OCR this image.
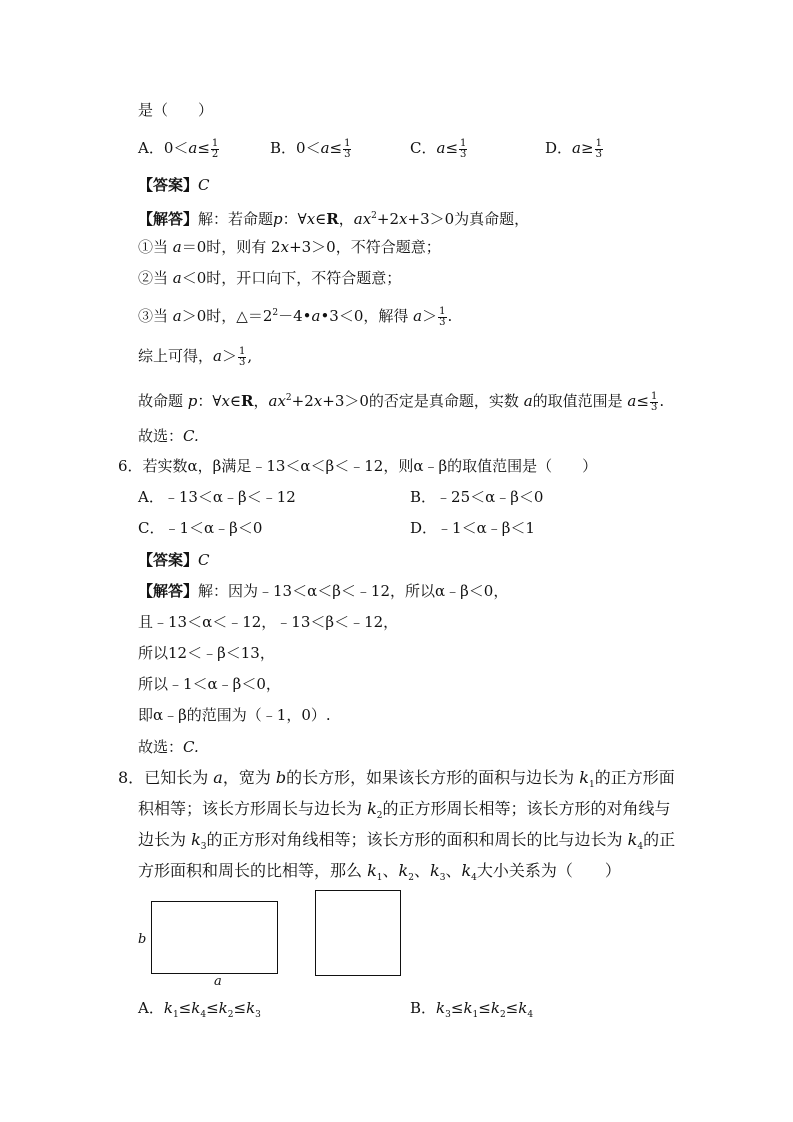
是（　　）
A．$0<a\le \frac{1}{2}$	B．$0<a\le \frac{1}{3}$	C．$a\le \frac{1}{3}$	D．$a\ge \frac{1}{3}$
【答案】C
【解答】解：若命题p：∀x∈R，$ax^2+2x+3>0$为真命题，
①当 a＝0时，则有 2x+3＞0，不符合题意；
②当 a＜0时，开口向下，不符合题意；
③当 a＞0时，$\triangle=2^2-4•a•3<0$，解得 $a> \frac{1}{3}$ .
综上可得，$a> \frac{1}{3}$ ,
故命题 p：∀x∈R，$ax^2+2x+3>0$的否定是真命题，实数 a的取值范围是 $a\le \frac{1}{3}$ .
故选：C.
6．若实数α，β满足﹣13＜α＜β＜﹣12，则α﹣β的取值范围是（　　）
A．﹣13＜α﹣β＜﹣12	B．﹣25＜α﹣β＜0
C．﹣1＜α﹣β＜0	D．﹣1＜α﹣β＜1
【答案】C
【解答】解：因为﹣13＜α＜β＜﹣12，所以α﹣β＜0，
且﹣13＜α＜﹣12，﹣13＜β＜﹣12，
所以12＜﹣β＜13，
所以﹣1＜α﹣β＜0，
即α﹣β的范围为（﹣1，0）.
故选：C.
8．已知长为 a，宽为 b的长方形，如果该长方形的面积与边长为 $k_1$的正方形面
积相等；该长方形周长与边长为 $k_2$的正方形周长相等；该长方形的对角线与
边长为 $k_3$的正方形对角线相等；该长方形的面积和周长的比与边长为 $k_4$的正
方形面积和周长的比相等，那么 $k_1$、$k_2$、$k_3$、$k_4$大小关系为（　　）
b
a
A．$k_1\le k_4\le k_2\le k_3$	B．$k_3\le k_1\le k_2\le k_4$
